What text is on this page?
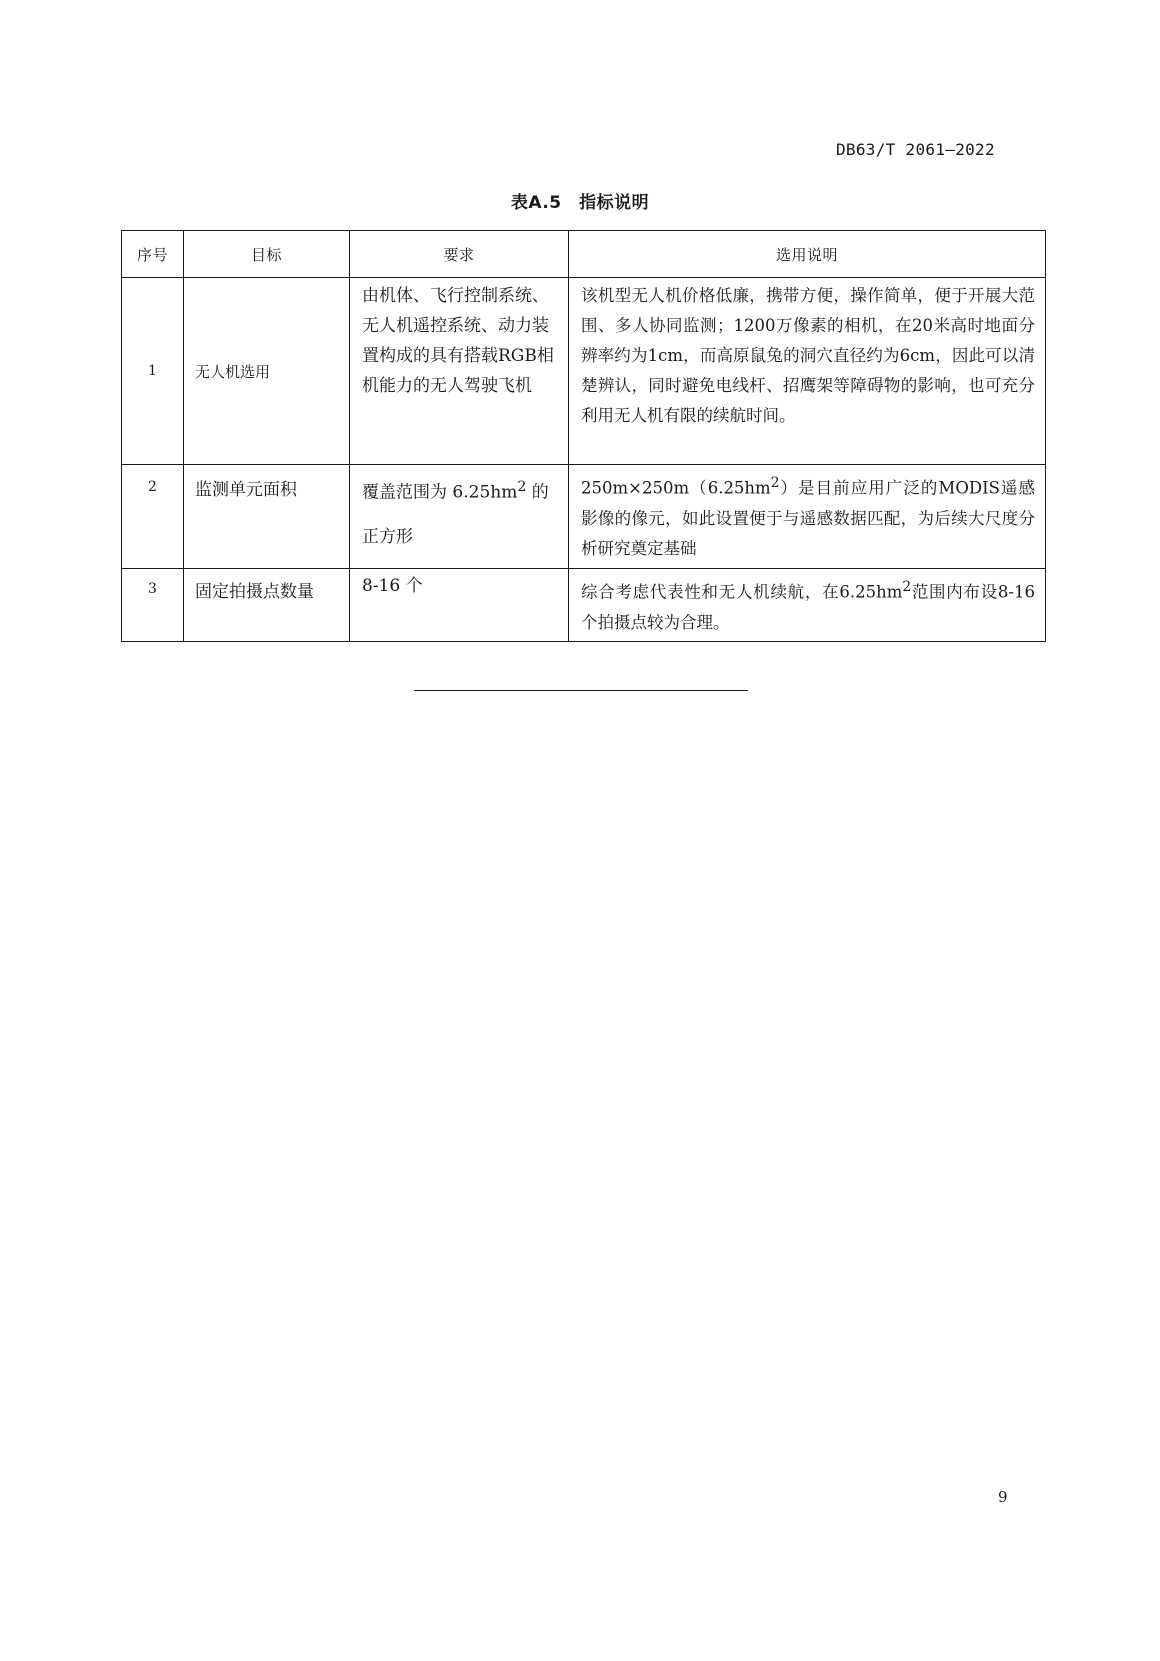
DB63/T 2061—2022
表A.5　指标说明
序号	目标	要求	选用说明
1	无人机选用	由机体、飞行控制系统、无人机遥控系统、动力装置构成的具有搭载RGB相机能力的无人驾驶飞机	该机型无人机价格低廉，携带方便，操作简单，便于开展大范围、多人协同监测；1200万像素的相机，在20米高时地面分辨率约为1cm，而高原鼠兔的洞穴直径约为6cm，因此可以清楚辨认，同时避免电线杆、招鹰架等障碍物的影响，也可充分利用无人机有限的续航时间。
2	监测单元面积	覆盖范围为 $6.25hm^2$ 的正方形	$250m\times 250m(6.25hm^2)$是目前应用广泛的MODIS遥感影像的像元，如此设置便于与遥感数据匹配，为后续大尺度分析研究奠定基础
3	固定拍摄点数量	8-16 个	综合考虑代表性和无人机续航，在$6.25hm^2$范围内布设8-16个拍摄点较为合理。
9
